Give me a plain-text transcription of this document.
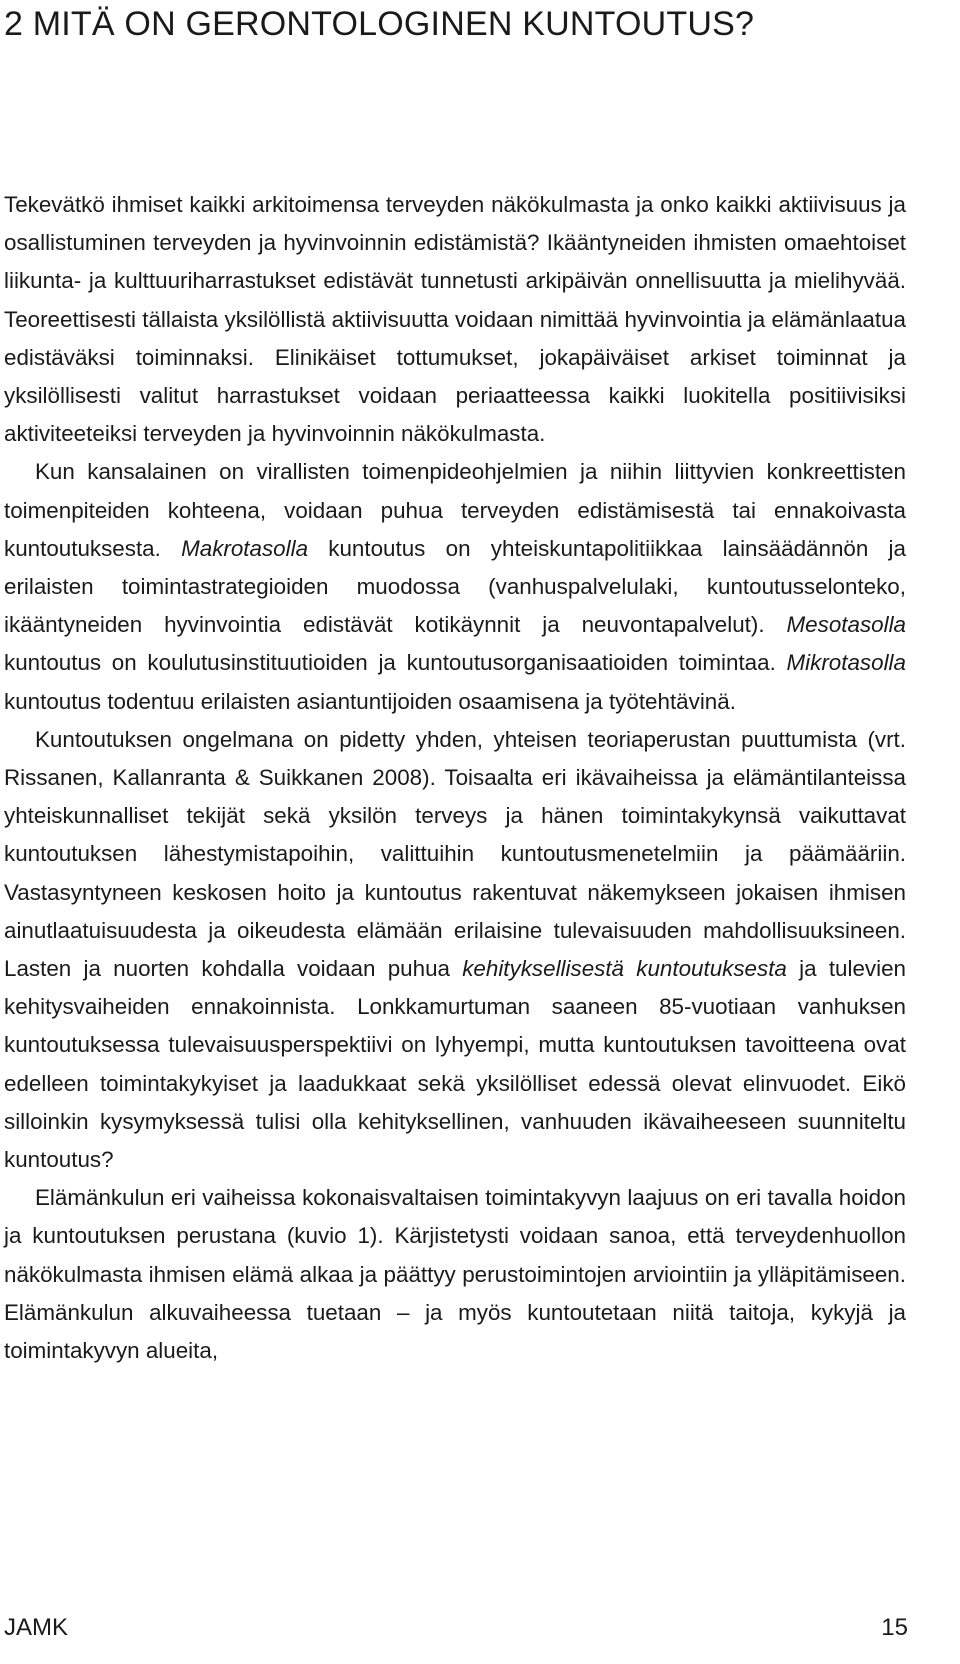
2 MITÄ ON GERONTOLOGINEN KUNTOUTUS?

Tekevätkö ihmiset kaikki arkitoimensa terveyden näkökulmasta ja onko kaikki aktiivisuus ja osallistuminen terveyden ja hyvinvoinnin edistämistä? Ikääntyneiden ihmisten omaehtoiset liikunta- ja kulttuuriharrastukset edistävät tunnetusti arkipäivän onnellisuutta ja mielihyvää. Teoreettisesti tällaista yksilöllistä aktiivisuutta voidaan nimittää hyvinvointia ja elämänlaatua edistäväksi toiminnaksi. Elinikäiset tottumukset, jokapäiväiset arkiset toiminnat ja yksilöllisesti valitut harrastukset voidaan periaatteessa kaikki luokitella positiivisiksi aktiviteeteiksi terveyden ja hyvinvoinnin näkökulmasta.

Kun kansalainen on virallisten toimenpideohjelmien ja niihin liittyvien konkreettisten toimenpiteiden kohteena, voidaan puhua terveyden edistämisestä tai ennakoivasta kuntoutuksesta. Makrotasolla kuntoutus on yhteiskuntapolitiikkaa lainsäädännön ja erilaisten toimintastrategioiden muodossa (vanhuspalvelulaki, kuntoutusselonteko, ikääntyneiden hyvinvointia edistävät kotikäynnit ja neuvontapalvelut). Mesotasolla kuntoutus on koulutusinstituutioiden ja kuntoutusorganisaatioiden toimintaa. Mikrotasolla kuntoutus todentuu erilaisten asiantuntijoiden osaamisena ja työtehtävinä.

Kuntoutuksen ongelmana on pidetty yhden, yhteisen teoriaperustan puuttumista (vrt. Rissanen, Kallanranta & Suikkanen 2008). Toisaalta eri ikävaiheissa ja elämäntilanteissa yhteiskunnalliset tekijät sekä yksilön terveys ja hänen toimintakykynsä vaikuttavat kuntoutuksen lähestymistapoihin, valittuihin kuntoutusmenetelmiin ja päämääriin. Vastasyntyneen keskosen hoito ja kuntoutus rakentuvat näkemykseen jokaisen ihmisen ainutlaatuisuudesta ja oikeudesta elämään erilaisine tulevaisuuden mahdollisuuksineen. Lasten ja nuorten kohdalla voidaan puhua kehityksellisestä kuntoutuksesta ja tulevien kehitysvaiheiden ennakoinnista. Lonkkamurtuman saaneen 85-vuotiaan vanhuksen kuntoutuksessa tulevaisuusperspektiivi on lyhyempi, mutta kuntoutuksen tavoitteena ovat edelleen toimintakykyiset ja laadukkaat sekä yksilölliset edessä olevat elinvuodet. Eikö silloinkin kysymyksessä tulisi olla kehityksellinen, vanhuuden ikävaiheeseen suunniteltu kuntoutus?

Elämänkulun eri vaiheissa kokonaisvaltaisen toimintakyvyn laajuus on eri tavalla hoidon ja kuntoutuksen perustana (kuvio 1). Kärjistetysti voidaan sanoa, että terveydenhuollon näkökulmasta ihmisen elämä alkaa ja päättyy perustoimintojen arviointiin ja ylläpitämiseen. Elämänkulun alkuvaiheessa tuetaan – ja myös kuntoutetaan niitä taitoja, kykyjä ja toimintakyvyn alueita,

JAMK	15
